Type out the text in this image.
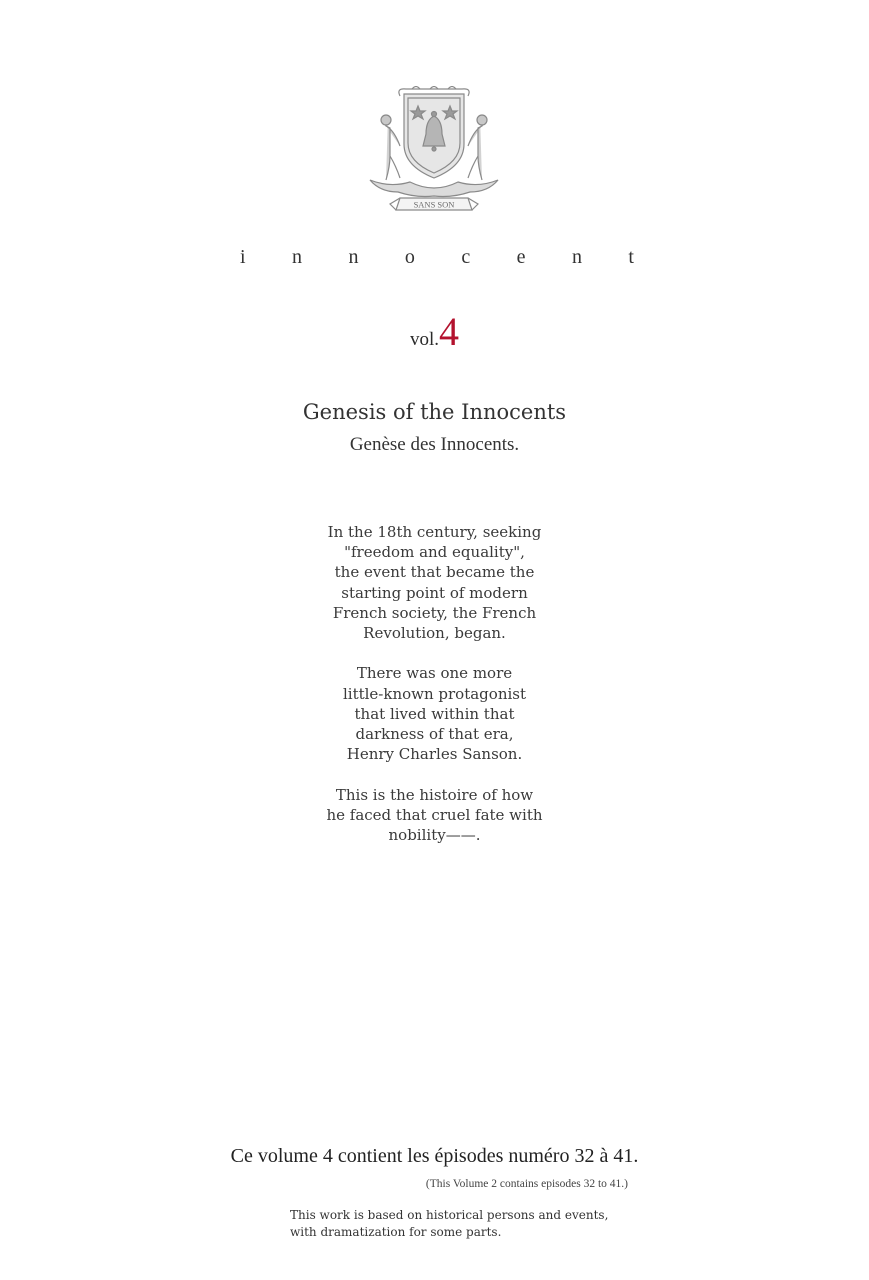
SANS SON
i n n o c e n t
vol.4
Genesis of the Innocents
Genèse des Innocents.

In the 18th century, seeking
"freedom and equality",
the event that became the
starting point of modern
French society, the French
Revolution, began.

There was one more
little-known protagonist
that lived within that
darkness of that era,
Henry Charles Sanson.

This is the histoire of how
he faced that cruel fate with
nobility——.

Ce volume 4 contient les épisodes numéro 32 à 41.
(This Volume 2 contains episodes 32 to 41.)
This work is based on historical persons and events,
with dramatization for some parts.
